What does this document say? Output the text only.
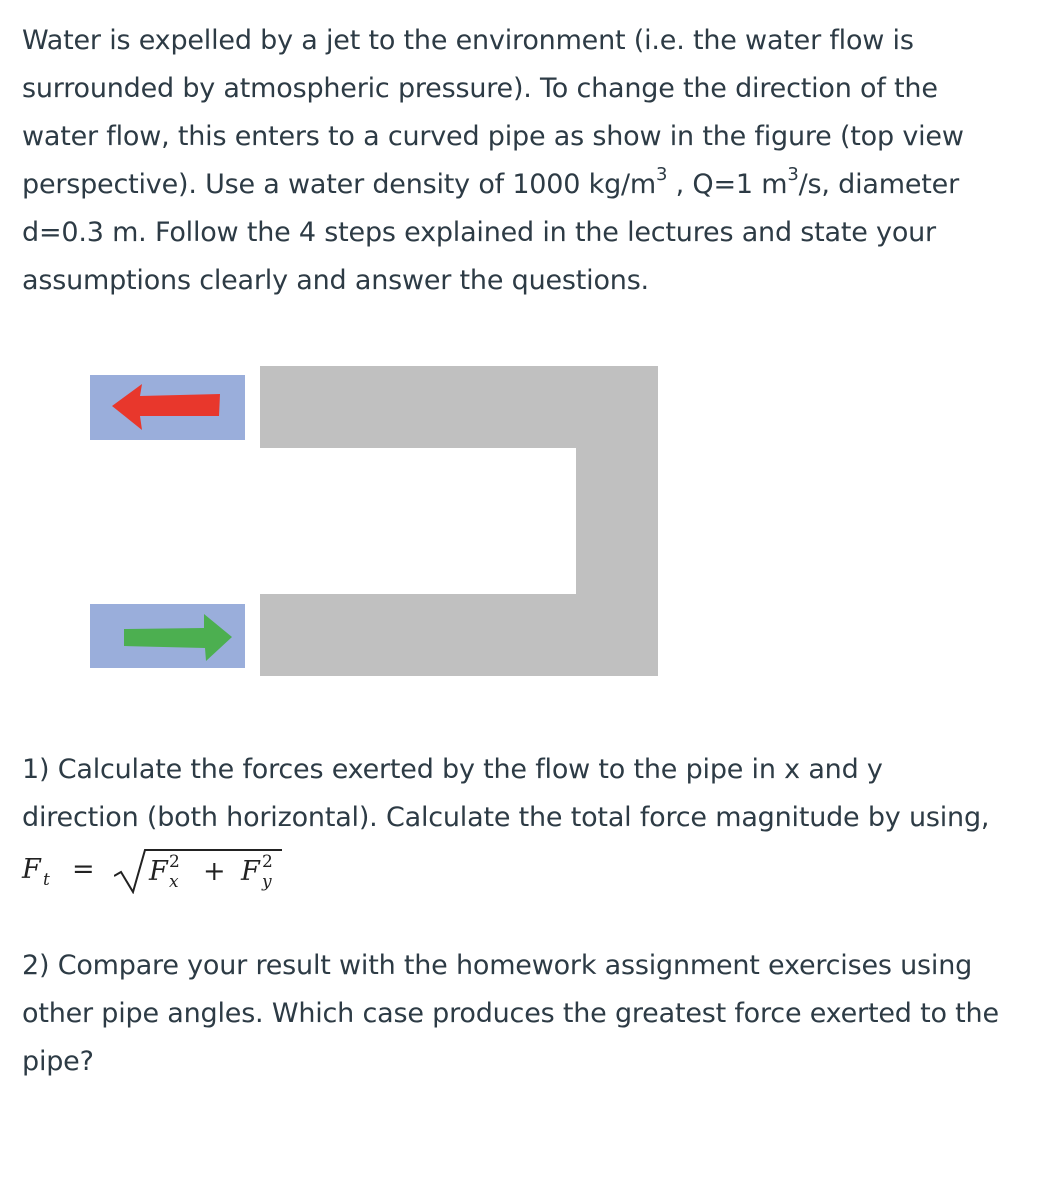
Water is expelled by a jet to the environment (i.e. the water flow is
surrounded by atmospheric pressure). To change the direction of the
water flow, this enters to a curved pipe as show in the figure (top view
perspective). Use a water density of 1000 $kg/m^3$ , Q=1 $m^3/s$, diameter
d=0.3 m. Follow the 4 steps explained in the lectures and state your
assumptions clearly and answer the questions.
1) Calculate the forces exerted by the flow to the pipe in x and y
direction (both horizontal). Calculate the total force magnitude by using,
F t = F 2
x + F 2
y
2) Compare your result with the homework assignment exercises using
other pipe angles. Which case produces the greatest force exerted to the
pipe?
